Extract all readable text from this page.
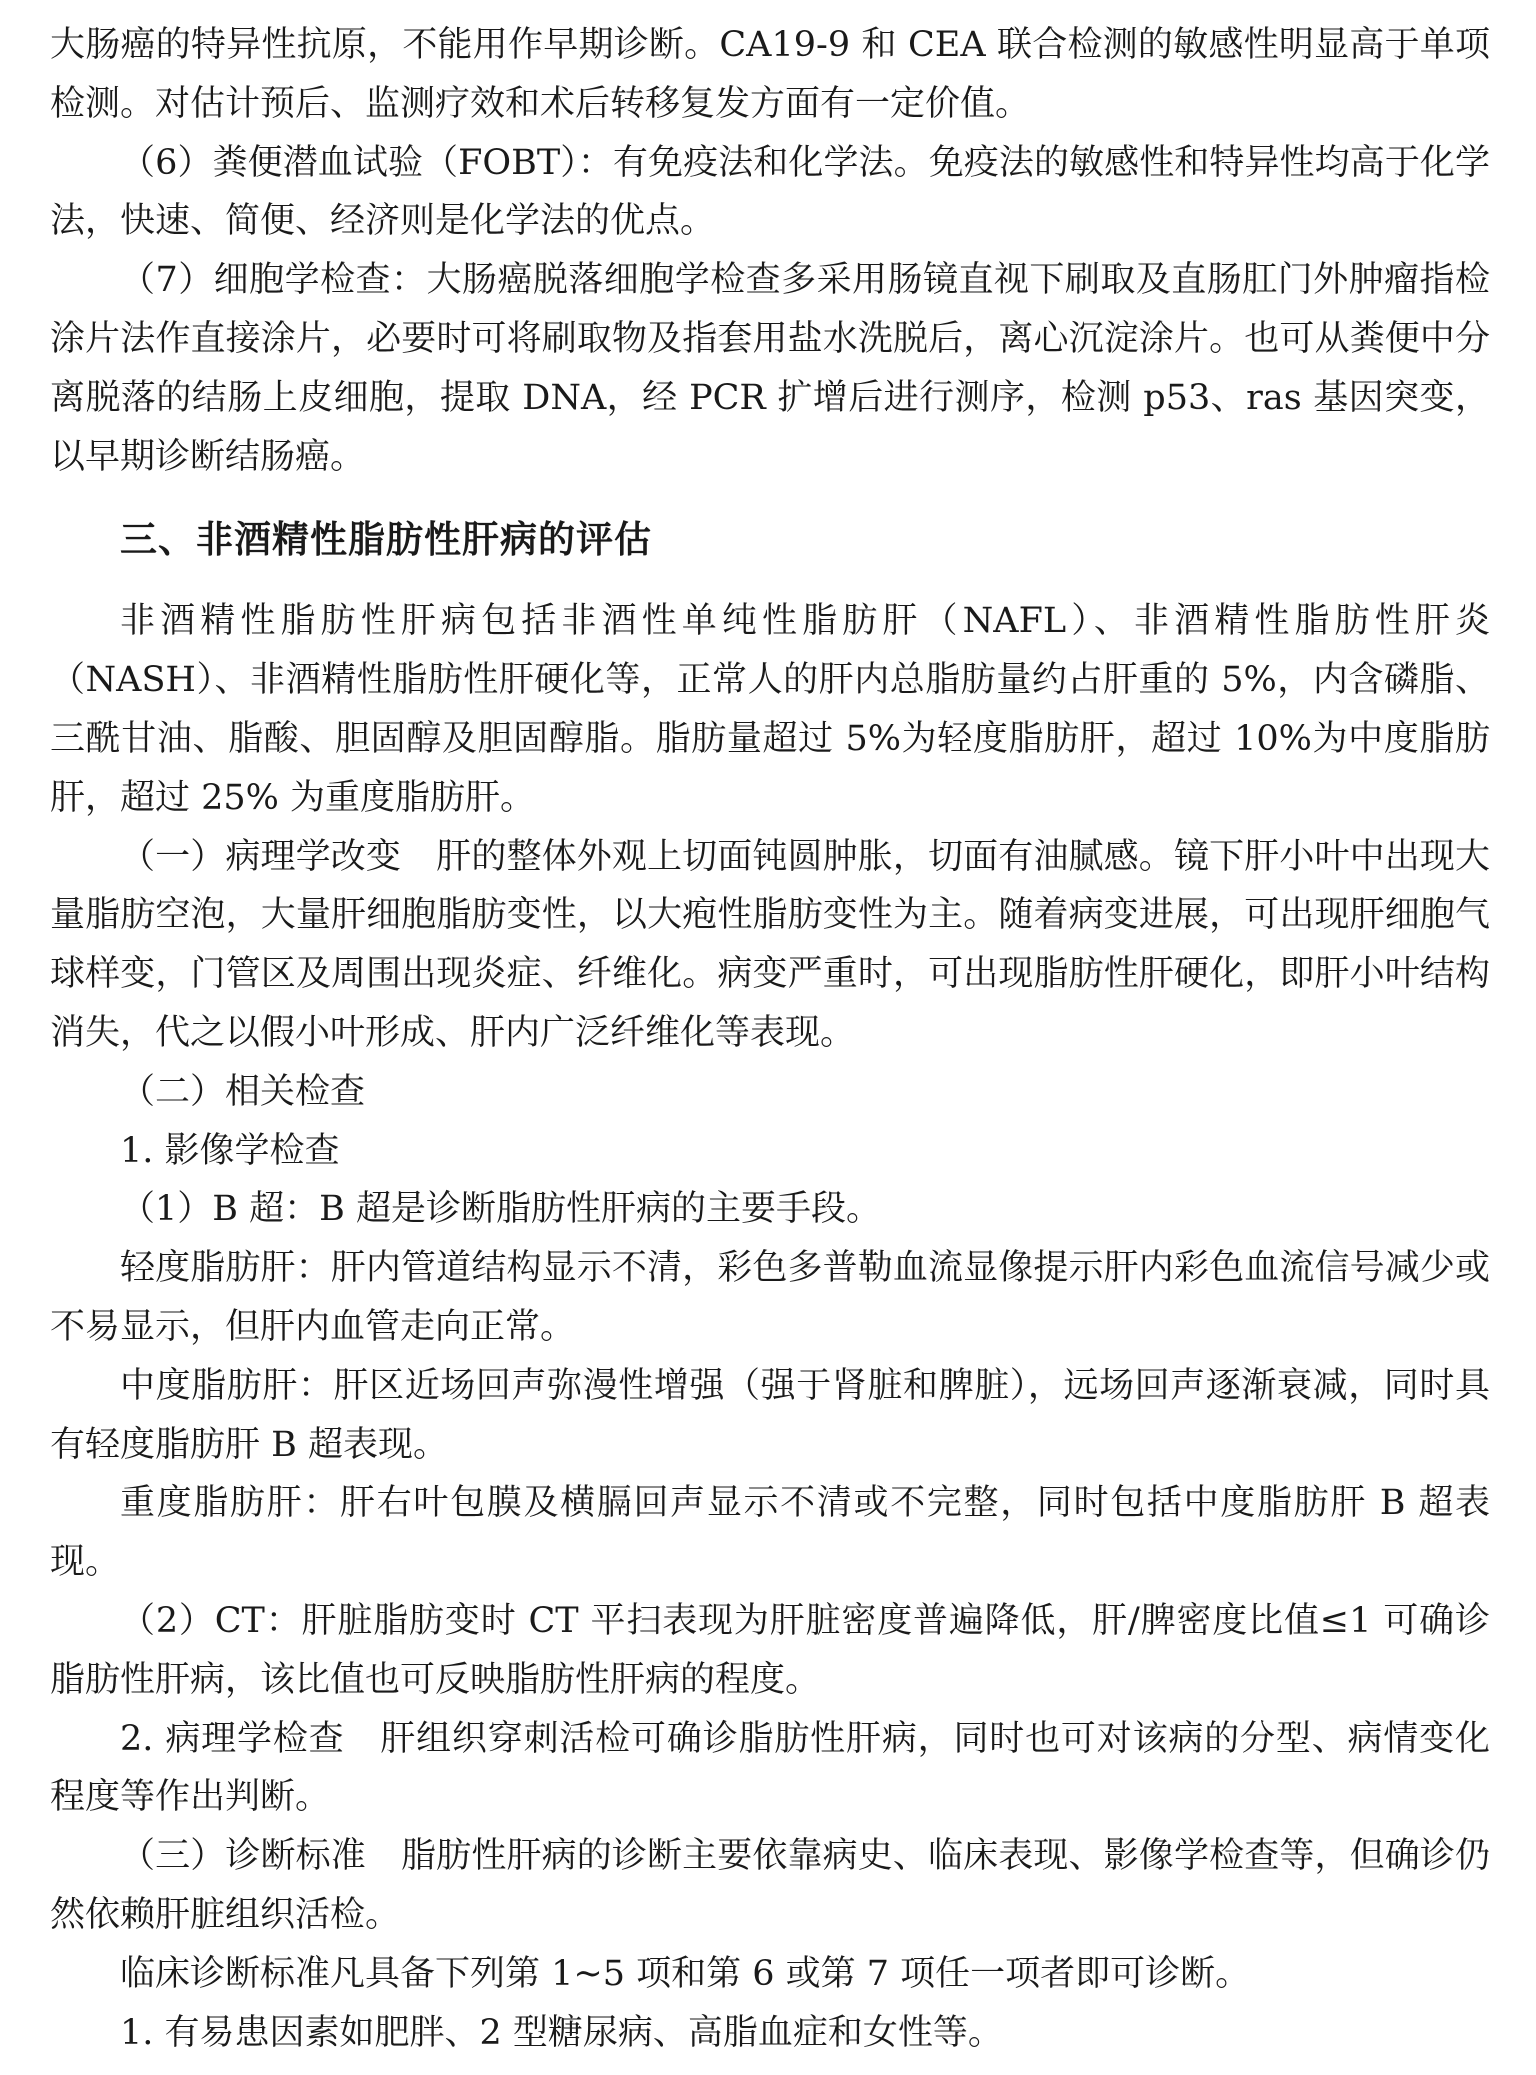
大肠癌的特异性抗原，不能用作早期诊断。CA19-9 和 CEA 联合检测的敏感性明显高于单项检测。对估计预后、监测疗效和术后转移复发方面有一定价值。

（6）粪便潜血试验（FOBT）：有免疫法和化学法。免疫法的敏感性和特异性均高于化学法，快速、简便、经济则是化学法的优点。

（7）细胞学检查：大肠癌脱落细胞学检查多采用肠镜直视下刷取及直肠肛门外肿瘤指检涂片法作直接涂片，必要时可将刷取物及指套用盐水洗脱后，离心沉淀涂片。也可从粪便中分离脱落的结肠上皮细胞，提取 DNA，经 PCR 扩增后进行测序，检测 p53、ras 基因突变，以早期诊断结肠癌。

三、非酒精性脂肪性肝病的评估

非酒精性脂肪性肝病包括非酒性单纯性脂肪肝（NAFL）、非酒精性脂肪性肝炎（NASH）、非酒精性脂肪性肝硬化等，正常人的肝内总脂肪量约占肝重的 5%，内含磷脂、三酰甘油、脂酸、胆固醇及胆固醇脂。脂肪量超过 5%为轻度脂肪肝，超过 10%为中度脂肪肝，超过 25% 为重度脂肪肝。

（一）病理学改变　肝的整体外观上切面钝圆肿胀，切面有油腻感。镜下肝小叶中出现大量脂肪空泡，大量肝细胞脂肪变性，以大疱性脂肪变性为主。随着病变进展，可出现肝细胞气球样变，门管区及周围出现炎症、纤维化。病变严重时，可出现脂肪性肝硬化，即肝小叶结构消失，代之以假小叶形成、肝内广泛纤维化等表现。

（二）相关检查

1. 影像学检查

（1）B 超：B 超是诊断脂肪性肝病的主要手段。

轻度脂肪肝：肝内管道结构显示不清，彩色多普勒血流显像提示肝内彩色血流信号减少或不易显示，但肝内血管走向正常。

中度脂肪肝：肝区近场回声弥漫性增强（强于肾脏和脾脏），远场回声逐渐衰减，同时具有轻度脂肪肝 B 超表现。

重度脂肪肝：肝右叶包膜及横膈回声显示不清或不完整，同时包括中度脂肪肝 B 超表现。

（2）CT：肝脏脂肪变时 CT 平扫表现为肝脏密度普遍降低，肝/脾密度比值≤1 可确诊脂肪性肝病，该比值也可反映脂肪性肝病的程度。

2. 病理学检查　肝组织穿刺活检可确诊脂肪性肝病，同时也可对该病的分型、病情变化程度等作出判断。

（三）诊断标准　脂肪性肝病的诊断主要依靠病史、临床表现、影像学检查等，但确诊仍然依赖肝脏组织活检。

临床诊断标准凡具备下列第 1~5 项和第 6 或第 7 项任一项者即可诊断。

1. 有易患因素如肥胖、2 型糖尿病、高脂血症和女性等。
